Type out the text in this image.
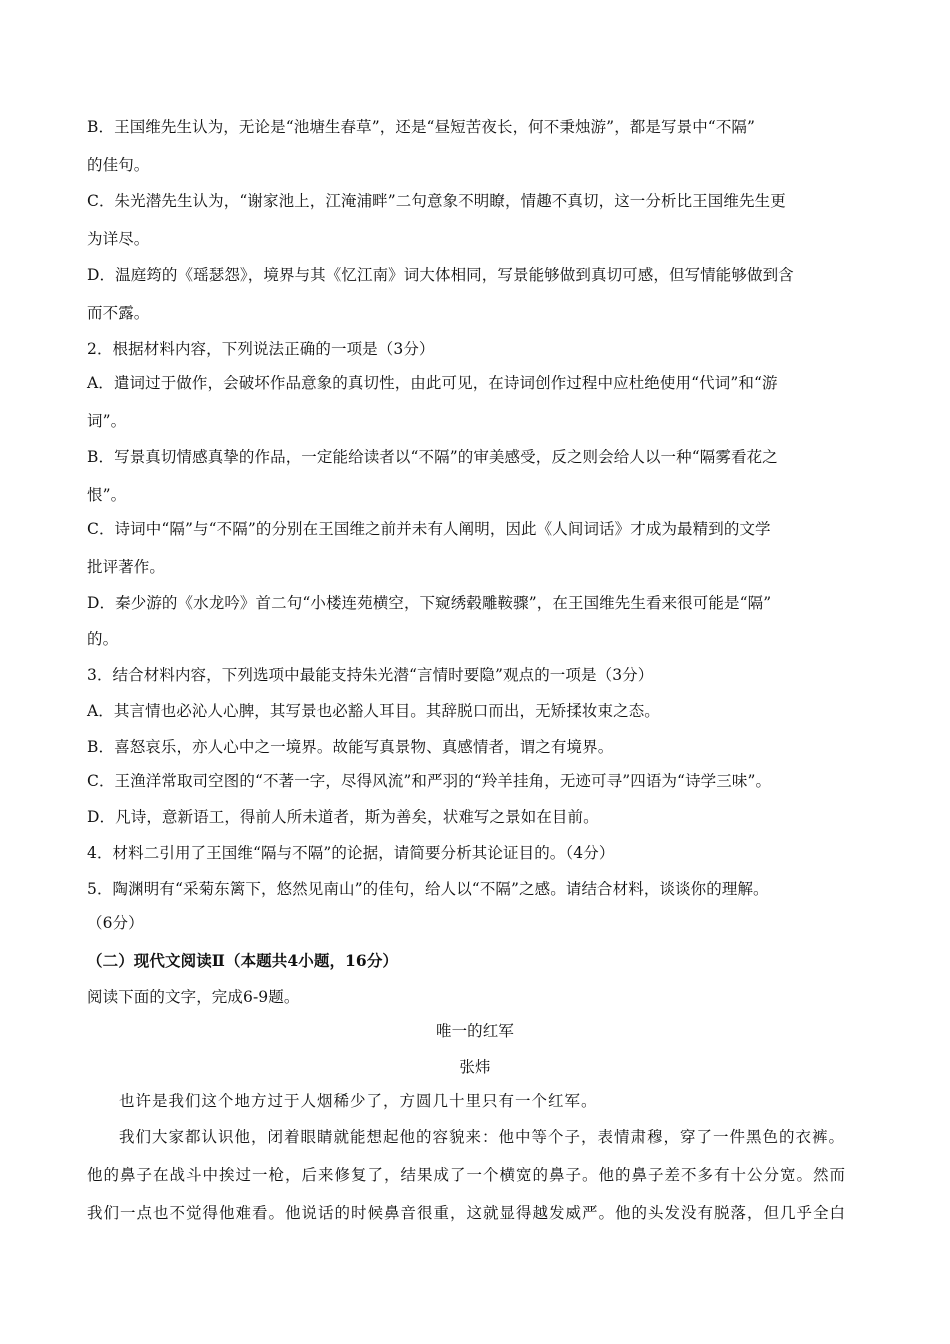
B．王国维先生认为，无论是“池塘生春草”，还是“昼短苦夜长，何不秉烛游”，都是写景中“不隔”
的佳句。
C．朱光潜先生认为，“谢家池上，江淹浦畔”二句意象不明瞭，情趣不真切，这一分析比王国维先生更
为详尽。
D．温庭筠的《瑶瑟怨》，境界与其《忆江南》词大体相同，写景能够做到真切可感，但写情能够做到含
而不露。
2．根据材料内容，下列说法正确的一项是（3分）
A．遣词过于做作，会破坏作品意象的真切性，由此可见，在诗词创作过程中应杜绝使用“代词”和“游
词”。
B．写景真切情感真挚的作品，一定能给读者以“不隔”的审美感受，反之则会给人以一种“隔雾看花之
恨”。
C．诗词中“隔”与“不隔”的分别在王国维之前并未有人阐明，因此《人间词话》才成为最精到的文学
批评著作。
D．秦少游的《水龙吟》首二句“小楼连苑横空，下窥绣毂雕鞍骤”，在王国维先生看来很可能是“隔”
的。
3．结合材料内容，下列选项中最能支持朱光潜“言情时要隐”观点的一项是（3分）
A．其言情也必沁人心脾，其写景也必豁人耳目。其辞脱口而出，无矫揉妆束之态。
B．喜怒哀乐，亦人心中之一境界。故能写真景物、真感情者，谓之有境界。
C．王渔洋常取司空图的“不著一字，尽得风流”和严羽的“羚羊挂角，无迹可寻”四语为“诗学三味”。
D．凡诗，意新语工，得前人所未道者，斯为善矣，状难写之景如在目前。
4．材料二引用了王国维“隔与不隔”的论据，请简要分析其论证目的。（4分）
5．陶渊明有“采菊东篱下，悠然见南山”的佳句，给人以“不隔”之感。请结合材料，谈谈你的理解。
（6分）
（二）现代文阅读Ⅱ（本题共4小题，16分）
阅读下面的文字，完成6-9题。
唯一的红军
张炜
也许是我们这个地方过于人烟稀少了，方圆几十里只有一个红军。
我们大家都认识他，闭着眼睛就能想起他的容貌来：他中等个子，表情肃穆，穿了一件黑色的衣裤。
他的鼻子在战斗中挨过一枪，后来修复了，结果成了一个横宽的鼻子。他的鼻子差不多有十公分宽。然而
我们一点也不觉得他难看。他说话的时候鼻音很重，这就显得越发威严。他的头发没有脱落，但几乎全白
